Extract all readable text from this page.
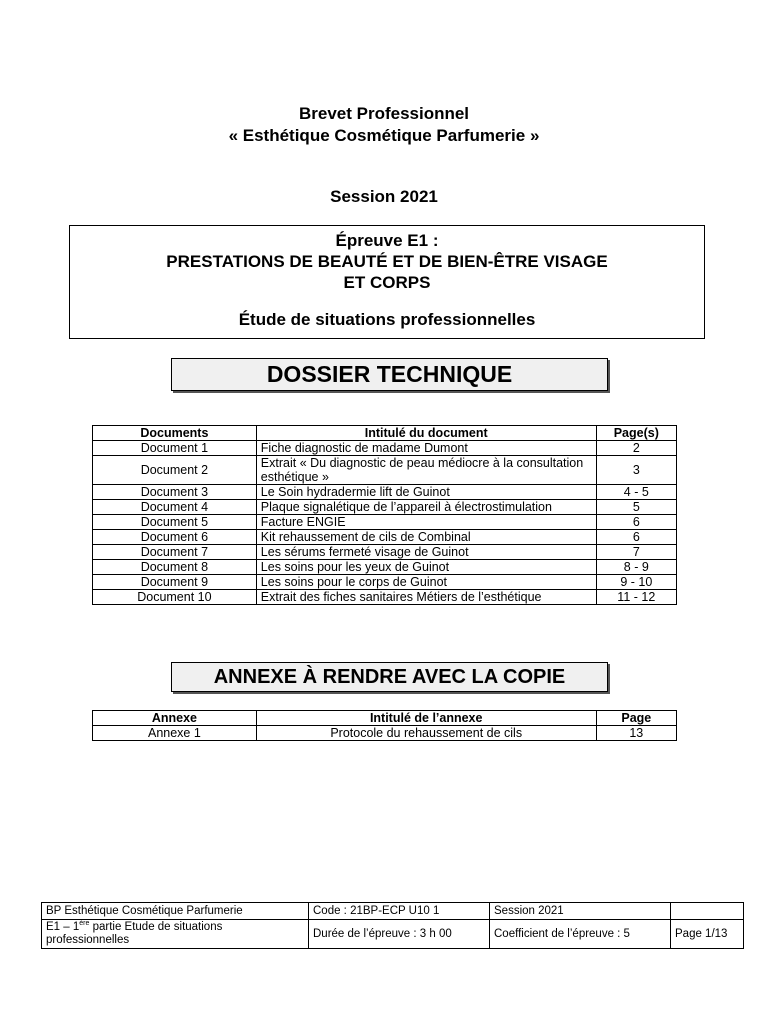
Brevet Professionnel
« Esthétique Cosmétique Parfumerie »
Session 2021
Épreuve E1 :
PRESTATIONS DE BEAUTÉ ET DE BIEN-ÊTRE VISAGE
ET CORPS
Étude de situations professionnelles
DOSSIER TECHNIQUE
Documents	Intitulé du document	Page(s)
Document 1	Fiche diagnostic de madame Dumont	2
Document 2	Extrait « Du diagnostic de peau médiocre à la consultation esthétique »	3
Document 3	Le Soin hydradermie lift de Guinot	4 - 5
Document 4	Plaque signalétique de l’appareil à électrostimulation	5
Document 5	Facture ENGIE	6
Document 6	Kit rehaussement de cils de Combinal	6
Document 7	Les sérums fermeté visage de Guinot	7
Document 8	Les soins pour les yeux de Guinot	8 - 9
Document 9	Les soins pour le corps de Guinot	9 - 10
Document 10	Extrait des fiches sanitaires Métiers de l’esthétique	11 - 12
ANNEXE À RENDRE AVEC LA COPIE
Annexe	Intitulé de l’annexe	Page
Annexe 1	Protocole du rehaussement de cils	13
BP Esthétique Cosmétique Parfumerie	Code : 21BP-ECP U10 1	Session 2021	
E1 – 1ère partie Etude de situations professionnelles	Durée de l’épreuve : 3 h 00	Coefficient de l’épreuve : 5	Page 1/13
